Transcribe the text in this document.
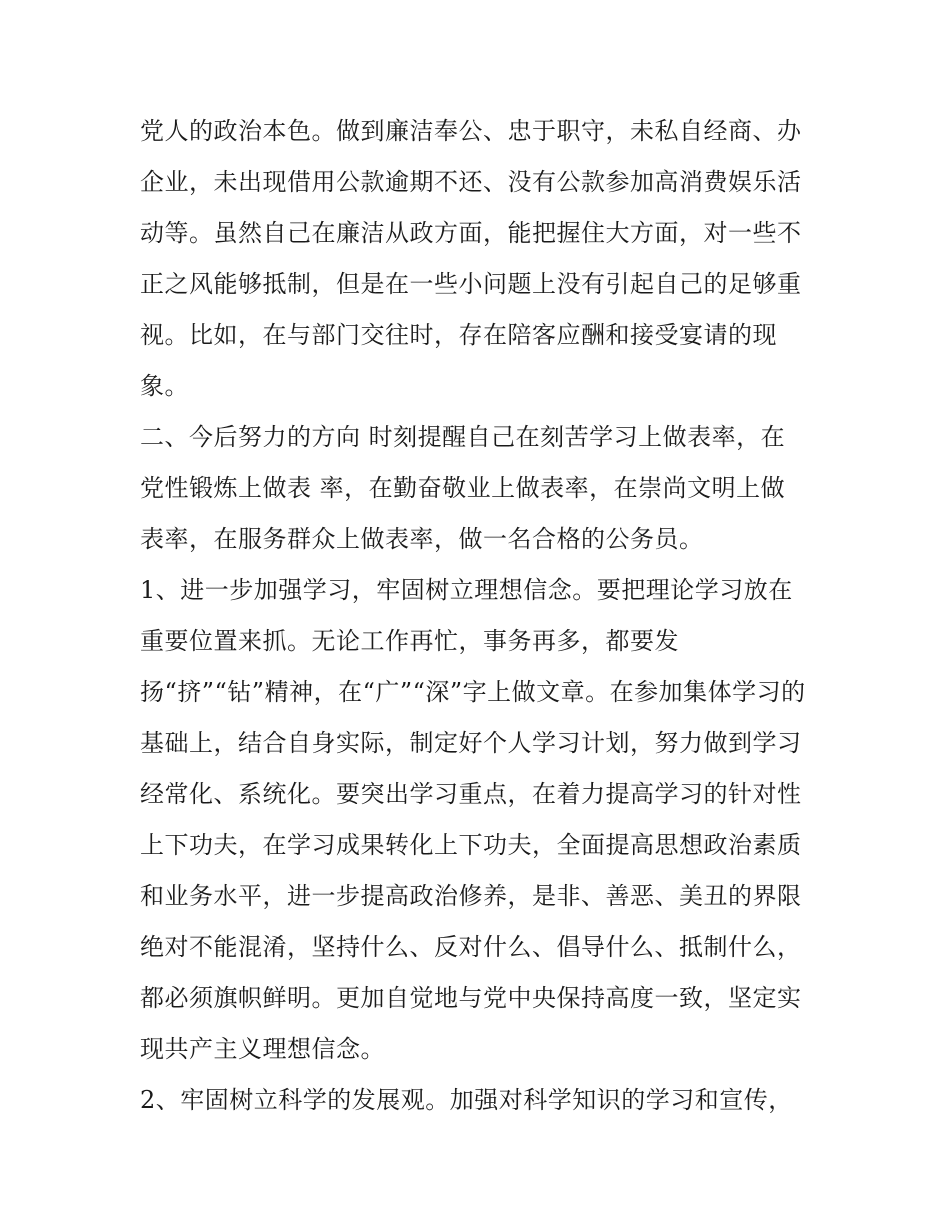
党人的政治本色。做到廉洁奉公、忠于职守，未私自经商、办
企业，未出现借用公款逾期不还、没有公款参加高消费娱乐活
动等。虽然自己在廉洁从政方面，能把握住大方面，对一些不
正之风能够抵制，但是在一些小问题上没有引起自己的足够重
视。比如，在与部门交往时，存在陪客应酬和接受宴请的现
象。
二、今后努力的方向 时刻提醒自己在刻苦学习上做表率，在
党性锻炼上做表 率，在勤奋敬业上做表率，在崇尚文明上做
表率，在服务群众上做表率，做一名合格的公务员。
1、进一步加强学习，牢固树立理想信念。要把理论学习放在
重要位置来抓。无论工作再忙，事务再多，都要发
扬“挤”“钻”精神，在“广”“深”字上做文章。在参加集体学习的
基础上，结合自身实际，制定好个人学习计划，努力做到学习
经常化、系统化。要突出学习重点，在着力提高学习的针对性
上下功夫，在学习成果转化上下功夫，全面提高思想政治素质
和业务水平，进一步提高政治修养，是非、善恶、美丑的界限
绝对不能混淆，坚持什么、反对什么、倡导什么、抵制什么，
都必须旗帜鲜明。更加自觉地与党中央保持高度一致，坚定实
现共产主义理想信念。
2、牢固树立科学的发展观。加强对科学知识的学习和宣传，
